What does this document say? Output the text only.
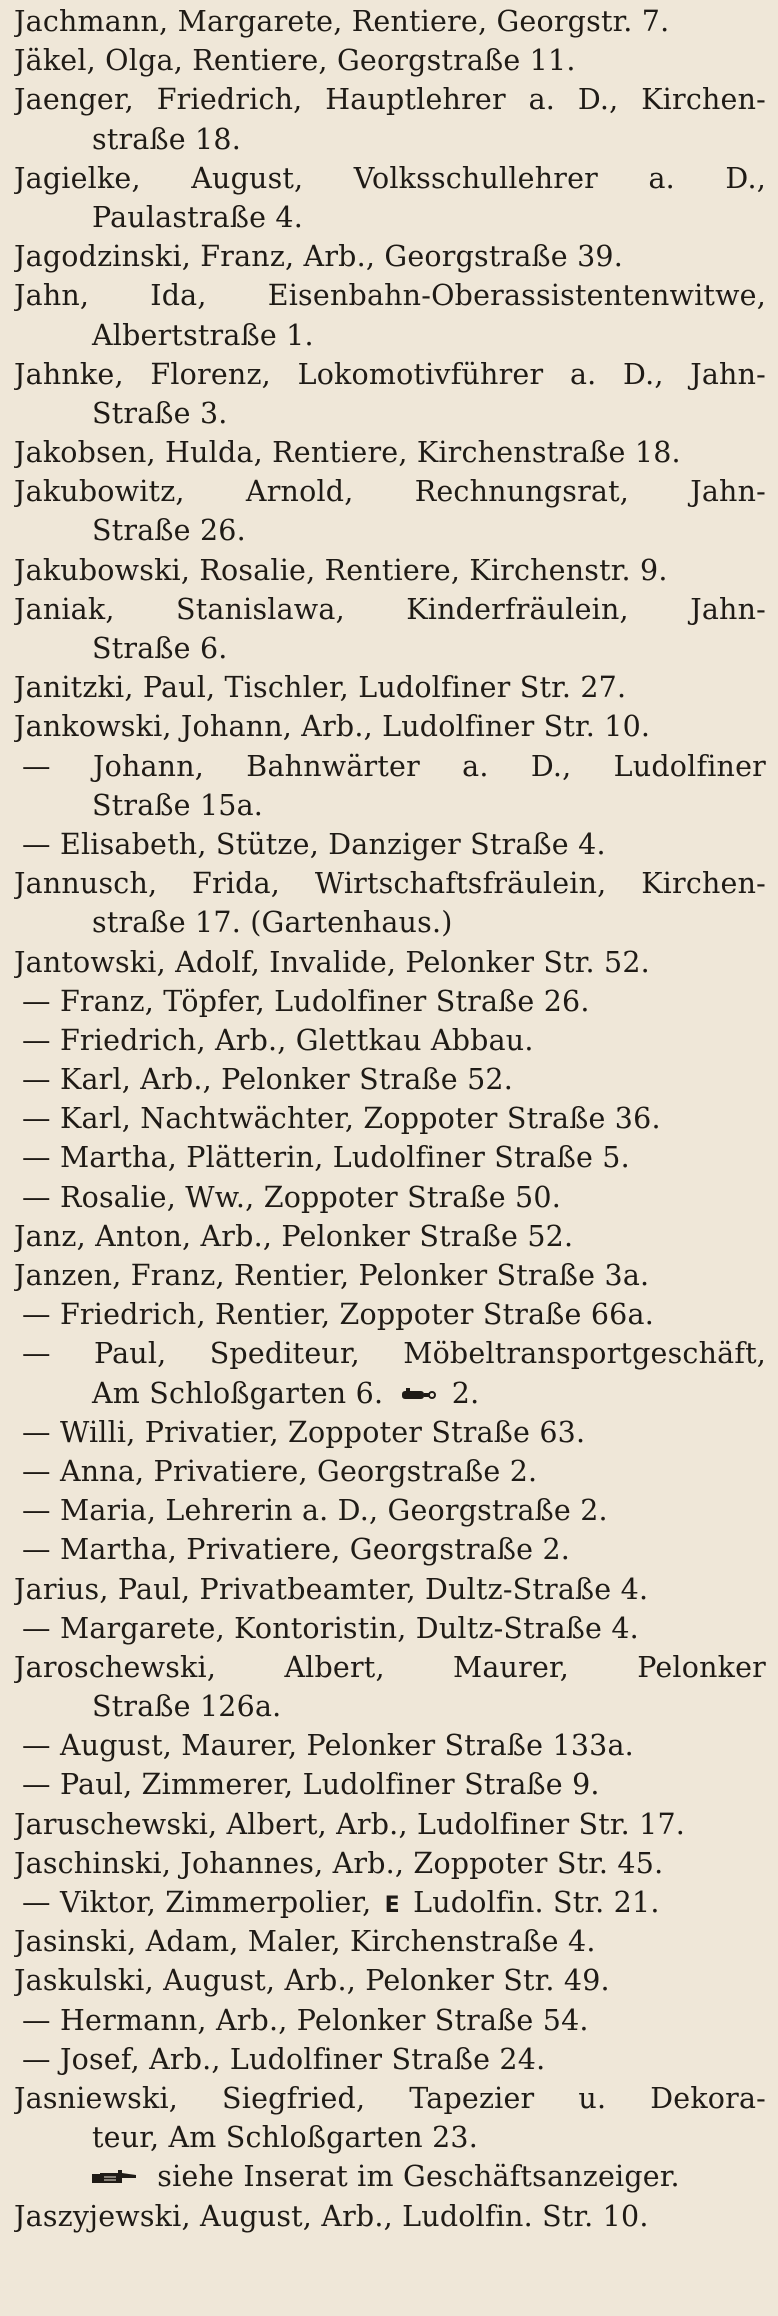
Jachmann, Margarete, Rentiere, Georgstr. 7.
Jäkel, Olga, Rentiere, Georgstraße 11.
Jaenger, Friedrich, Hauptlehrer a. D., Kirchen-
straße 18.
Jagielke, August, Volksschullehrer a. D.,
Paulastraße 4.
Jagodzinski, Franz, Arb., Georgstraße 39.
Jahn, Ida, Eisenbahn-Oberassistentenwitwe,
Albertstraße 1.
Jahnke, Florenz, Lokomotivführer a. D., Jahn-
Straße 3.
Jakobsen, Hulda, Rentiere, Kirchenstraße 18.
Jakubowitz, Arnold, Rechnungsrat, Jahn-
Straße 26.
Jakubowski, Rosalie, Rentiere, Kirchenstr. 9.
Janiak, Stanislawa, Kinderfräulein, Jahn-
Straße 6.
Janitzki, Paul, Tischler, Ludolfiner Str. 27.
Jankowski, Johann, Arb., Ludolfiner Str. 10.
— Johann, Bahnwärter a. D., Ludolfiner
Straße 15a.
— Elisabeth, Stütze, Danziger Straße 4.
Jannusch, Frida, Wirtschaftsfräulein, Kirchen-
straße 17. (Gartenhaus.)
Jantowski, Adolf, Invalide, Pelonker Str. 52.
— Franz, Töpfer, Ludolfiner Straße 26.
— Friedrich, Arb., Glettkau Abbau.
— Karl, Arb., Pelonker Straße 52.
— Karl, Nachtwächter, Zoppoter Straße 36.
— Martha, Plätterin, Ludolfiner Straße 5.
— Rosalie, Ww., Zoppoter Straße 50.
Janz, Anton, Arb., Pelonker Straße 52.
Janzen, Franz, Rentier, Pelonker Straße 3a.
— Friedrich, Rentier, Zoppoter Straße 66a.
— Paul, Spediteur, Möbeltransportgeschäft,
Am Schloßgarten 6. 2.
— Willi, Privatier, Zoppoter Straße 63.
— Anna, Privatiere, Georgstraße 2.
— Maria, Lehrerin a. D., Georgstraße 2.
— Martha, Privatiere, Georgstraße 2.
Jarius, Paul, Privatbeamter, Dultz-Straße 4.
— Margarete, Kontoristin, Dultz-Straße 4.
Jaroschewski, Albert, Maurer, Pelonker
Straße 126a.
— August, Maurer, Pelonker Straße 133a.
— Paul, Zimmerer, Ludolfiner Straße 9.
Jaruschewski, Albert, Arb., Ludolfiner Str. 17.
Jaschinski, Johannes, Arb., Zoppoter Str. 45.
— Viktor, Zimmerpolier, E Ludolfin. Str. 21.
Jasinski, Adam, Maler, Kirchenstraße 4.
Jaskulski, August, Arb., Pelonker Str. 49.
— Hermann, Arb., Pelonker Straße 54.
— Josef, Arb., Ludolfiner Straße 24.
Jasniewski, Siegfried, Tapezier u. Dekora-
teur, Am Schloßgarten 23.
siehe Inserat im Geschäftsanzeiger.
Jaszyjewski, August, Arb., Ludolfin. Str. 10.
